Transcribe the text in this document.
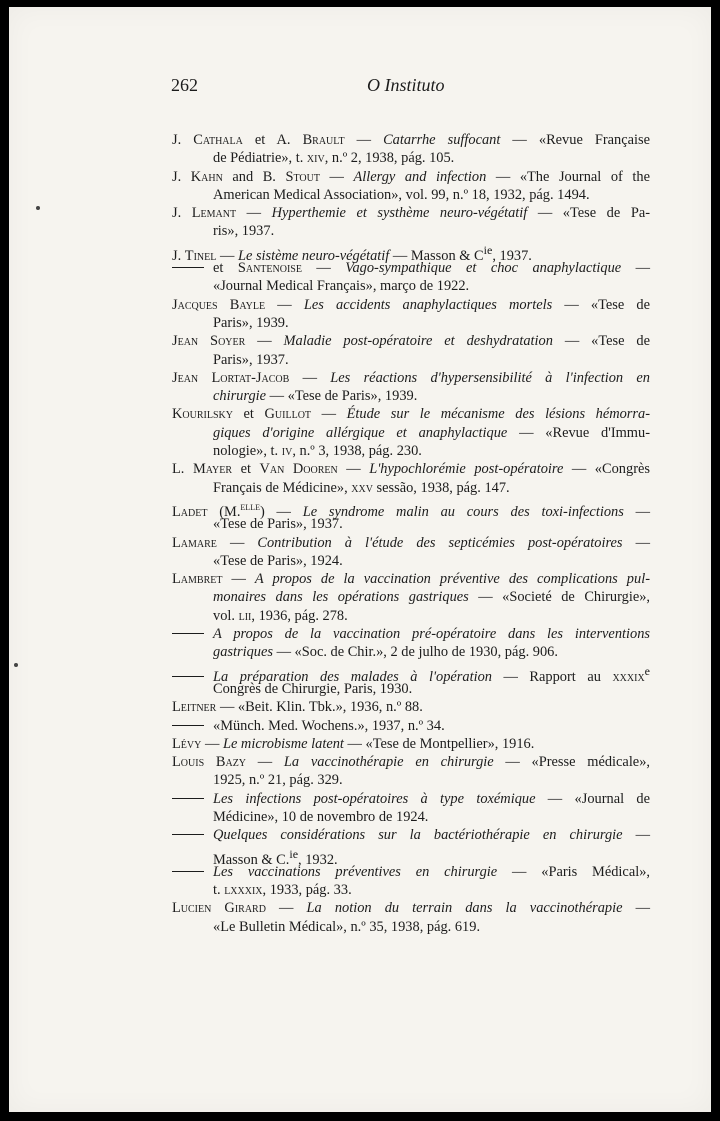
262	O Instituto
J. Cathala et A. Brault — Catarrhe suffocant — «Revue Française
de Pédiatrie», t. xiv, n.º 2, 1938, pág. 105.
J. Kahn and B. Stout — Allergy and infection — «The Journal of the
American Medical Association», vol. 99, n.º 18, 1932, pág. 1494.
J. Lemant — Hyperthemie et systhème neuro-végétatif — «Tese de Pa-
ris», 1937.
J. Tinel — Le sistème neuro-végétatif — Masson & $C^{ie}$, 1937.
et Santenoise — Vago-sympathique et choc anaphylactique —
«Journal Medical Français», março de 1922.
Jacques Bayle — Les accidents anaphylactiques mortels — «Tese de
Paris», 1939.
Jean Soyer — Maladie post-opératoire et deshydratation — «Tese de
Paris», 1937.
Jean Lortat-Jacob — Les réactions d'hypersensibilité à l'infection en
chirurgie — «Tese de Paris», 1939.
Kourilsky et Guillot — Étude sur le mécanisme des lésions hémorra-
giques d'origine allérgique et anaphylactique — «Revue d'Immu-
nologie», t. iv, n.º 3, 1938, pág. 230.
L. Mayer et Van Dooren — L'hypochlorémie post-opératoire — «Congrès
Français de Médicine», xxv sessão, 1938, pág. 147.
Ladet (M.$^{elle}$) — Le syndrome malin au cours des toxi-infections —
«Tese de Paris», 1937.
Lamare — Contribution à l'étude des septicémies post-opératoires —
«Tese de Paris», 1924.
Lambret — A propos de la vaccination préventive des complications pul-
monaires dans les opérations gastriques — «Societé de Chirurgie»,
vol. lii, 1936, pág. 278.
A propos de la vaccination pré-opératoire dans les interventions
gastriques — «Soc. de Chir.», 2 de julho de 1930, pág. 906.
La préparation des malades à l'opération — Rapport au xxxix$^e$
Congrès de Chirurgie, Paris, 1930.
Leitner — «Beit. Klin. Tbk.», 1936, n.º 88.
«Münch. Med. Wochens.», 1937, n.º 34.
Lévy — Le microbisme latent — «Tese de Montpellier», 1916.
Louis Bazy — La vaccinothérapie en chirurgie — «Presse médicale»,
1925, n.º 21, pág. 329.
Les infections post-opératoires à type toxémique — «Journal de
Médicine», 10 de novembro de 1924.
Quelques considérations sur la bactériothérapie en chirurgie —
Masson & C.$^{ie}$, 1932.
Les vaccinations préventives en chirurgie — «Paris Médical»,
t. lxxxix, 1933, pág. 33.
Lucien Girard — La notion du terrain dans la vaccinothérapie —
«Le Bulletin Médical», n.º 35, 1938, pág. 619.
